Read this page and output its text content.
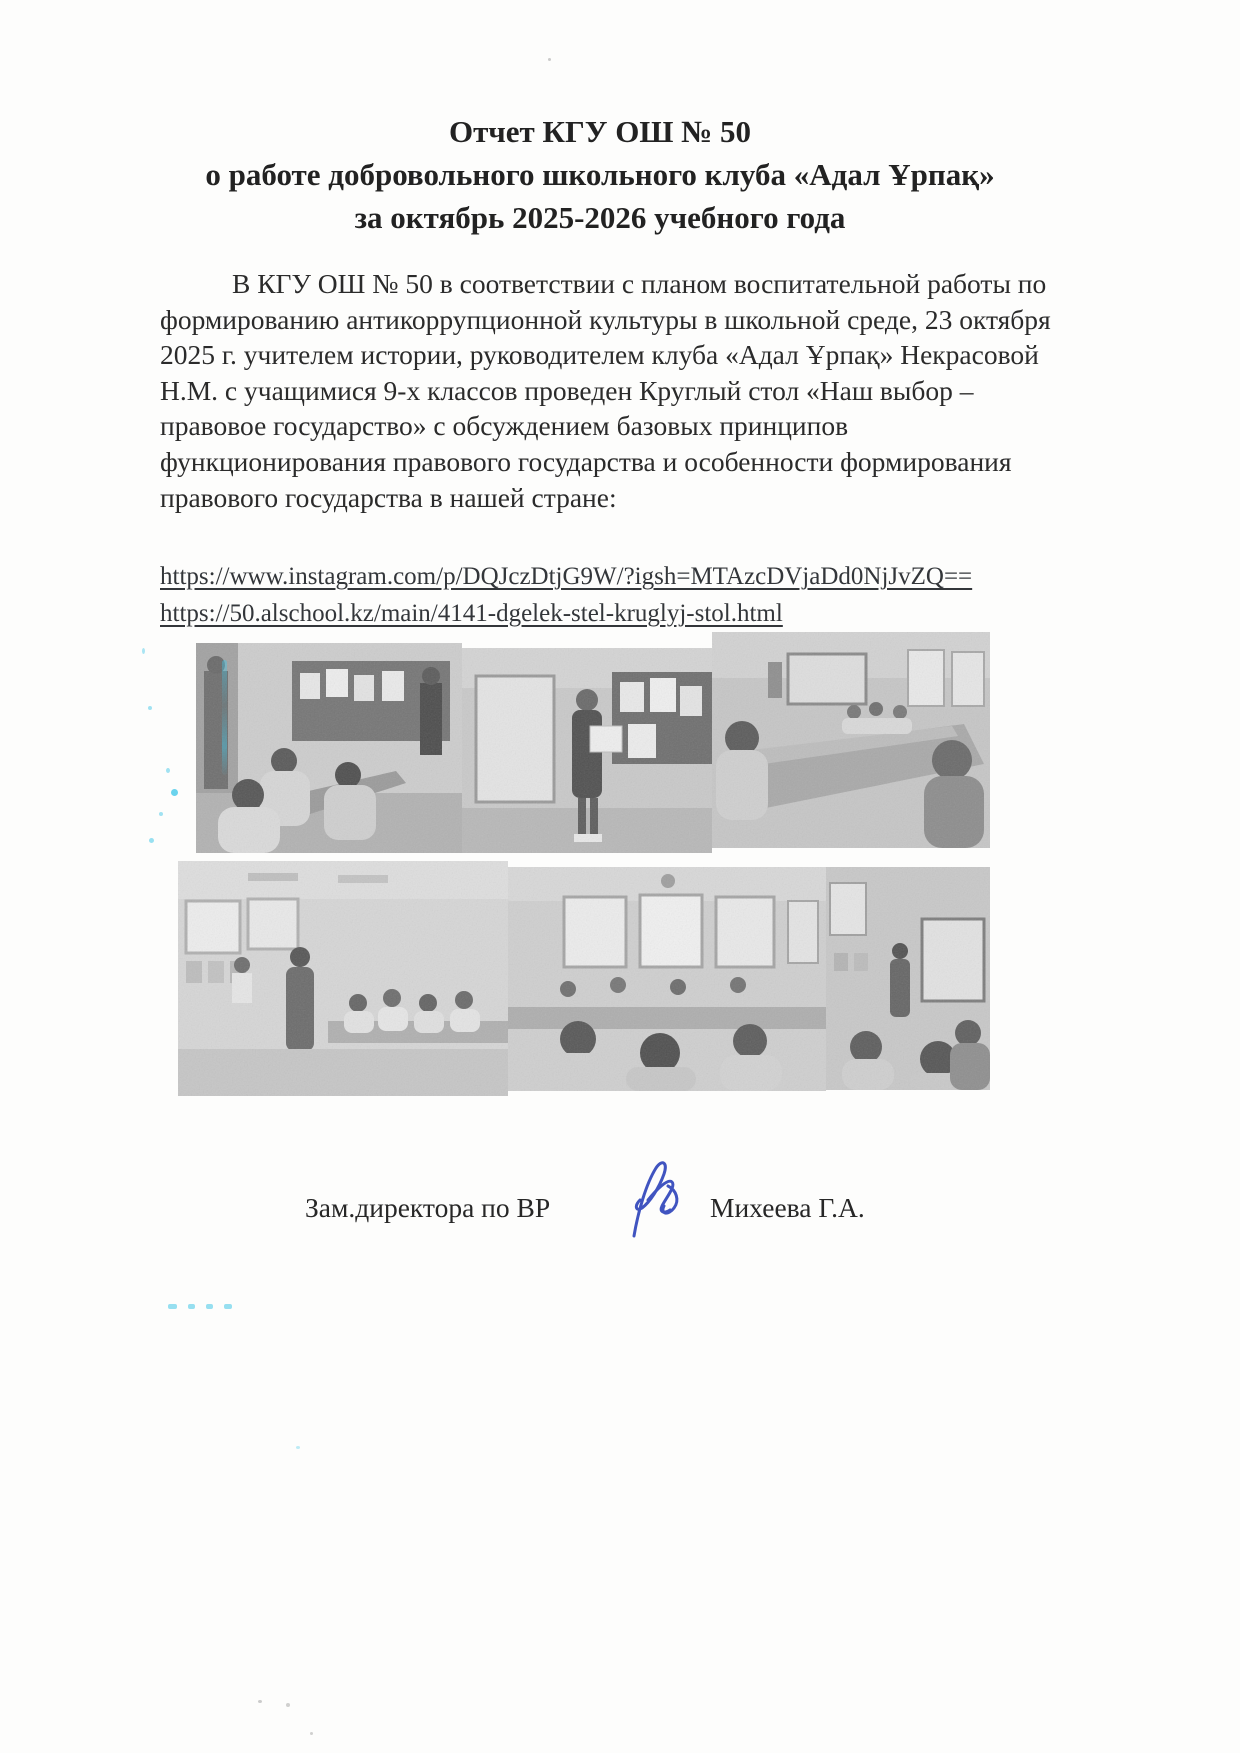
Отчет КГУ ОШ № 50
о работе добровольного школьного клуба «Адал Ұрпақ»
за октябрь 2025-2026 учебного года
В КГУ ОШ № 50 в соответствии с планом воспитательной работы по
формированию антикоррупционной культуры в школьной среде, 23 октября
2025 г. учителем истории, руководителем клуба «Адал Ұрпақ» Некрасовой
Н.М. с учащимися 9-х классов проведен Круглый стол «Наш выбор –
правовое государство» с обсуждением базовых принципов
функционирования правового государства и особенности формирования
правового государства в нашей стране:
https://www.instagram.com/p/DQJczDtjG9W/?igsh=MTAzcDVjaDd0NjJvZQ==
https://50.alschool.kz/main/4141-dgelek-stel-kruglyj-stol.html
Зам.директора по ВР	Михеева Г.А.
